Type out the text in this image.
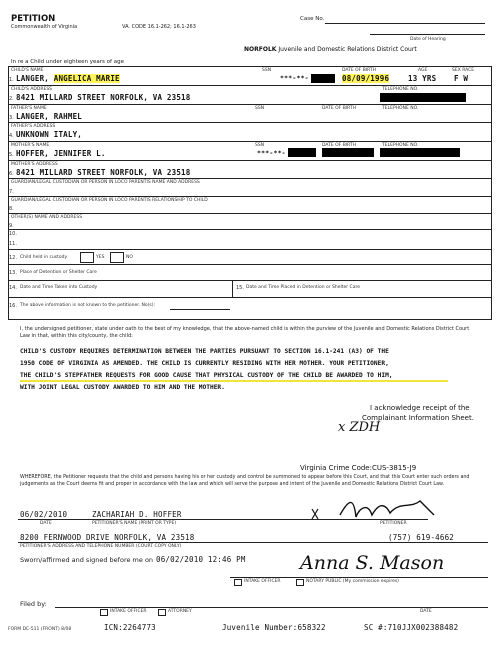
PETITION
Commonwealth of Virginia	VA. CODE 16.1-262; 16.1-263
Case No.
Date of Hearing
NORFOLK Juvenile and Domestic Relations District Court
In re a Child under eighteen years of age
CHILD'S NAME	SSN	DATE OF BIRTH	AGE	SEX RACE
1. LANGER, ANGELICA MARIE	***-**-	08/09/1996	13 YRS F W
CHILD'S ADDRESS	TELEPHONE NO.
2. 8421 MILLARD STREET NORFOLK, VA 23518
FATHER'S NAME	SSN	DATE OF BIRTH	TELEPHONE NO.
3. LANGER, RAHMEL
FATHER'S ADDRESS
4. UNKNOWN ITALY,
MOTHER'S NAME	SSN	DATE OF BIRTH	TELEPHONE NO.
5. HOFFER, JENNIFER L.	***-**-
MOTHER'S ADDRESS
6. 8421 MILLARD STREET NORFOLK, VA 23518
GUARDIAN/LEGAL CUSTODIAN OR PERSON IN LOCO PARENTIS NAME AND ADDRESS
7.
GUARDIAN/LEGAL CUSTODIAN OR PERSON IN LOCO PARENTIS RELATIONSHIP TO CHILD
8.
OTHER(S) NAME AND ADDRESS
9.
10.
11.
12. Child held in custody	YES	NO
13. Place of Detention or Shelter Care
14. Date and Time Taken into Custody	15. Date and Time Placed in Detention or Shelter Care
16. The above information is not known to the petitioner. No(s):
I, the undersigned petitioner, state under oath to the best of my knowledge, that the above-named child is within the purview of the Juvenile and Domestic Relations District Court Law in that, within this city/county, the child:
CHILD'S CUSTODY REQUIRES DETERMINATION BETWEEN THE PARTIES PURSUANT TO SECTION 16.1-241 (A3) OF THE
1950 CODE OF VIRGINIA AS AMENDED. THE CHILD IS CURRENTLY RESIDING WITH HER MOTHER. YOUR PETITIONER,
THE CHILD'S STEPFATHER REQUESTS FOR GOOD CAUSE THAT PHYSICAL CUSTODY OF THE CHILD BE AWARDED TO HIM,
WITH JOINT LEGAL CUSTODY AWARDED TO HIM AND THE MOTHER.
I acknowledge receipt of the
Complainant Information Sheet.
x ZDH
Virginia Crime Code:CUS-3815-J9
WHEREFORE, the Petitioner requests that the child and persons having his or her custody and control be summoned to appear before this Court, and that this Court enter such orders and judgements as the Court deems fit and proper in accordance with the law and which will serve the purpose and intent of the Juvenile and Domestic Relations District Court Law.
06/02/2010	ZACHARIAH D. HOFFER
DATE	PETITIONER'S NAME (PRINT OR TYPE)	PETITIONER
8200 FERNWOOD DRIVE NORFOLK, VA 23518	(757) 619-4662
PETITIONER'S ADDRESS AND TELEPHONE NUMBER (COURT COPY ONLY)
Sworn/affirmed and signed before me on 06/02/2010 12:46 PM
INTAKE OFFICER	NOTARY PUBLIC (My commission expires)
Anna S. Mason
Filed by:
INTAKE OFFICER	ATTORNEY	DATE
FORM DC-511 (FRONT) 8/08	ICN:2264773	Juvenile Number:658322	SC #:710JJX002388482
